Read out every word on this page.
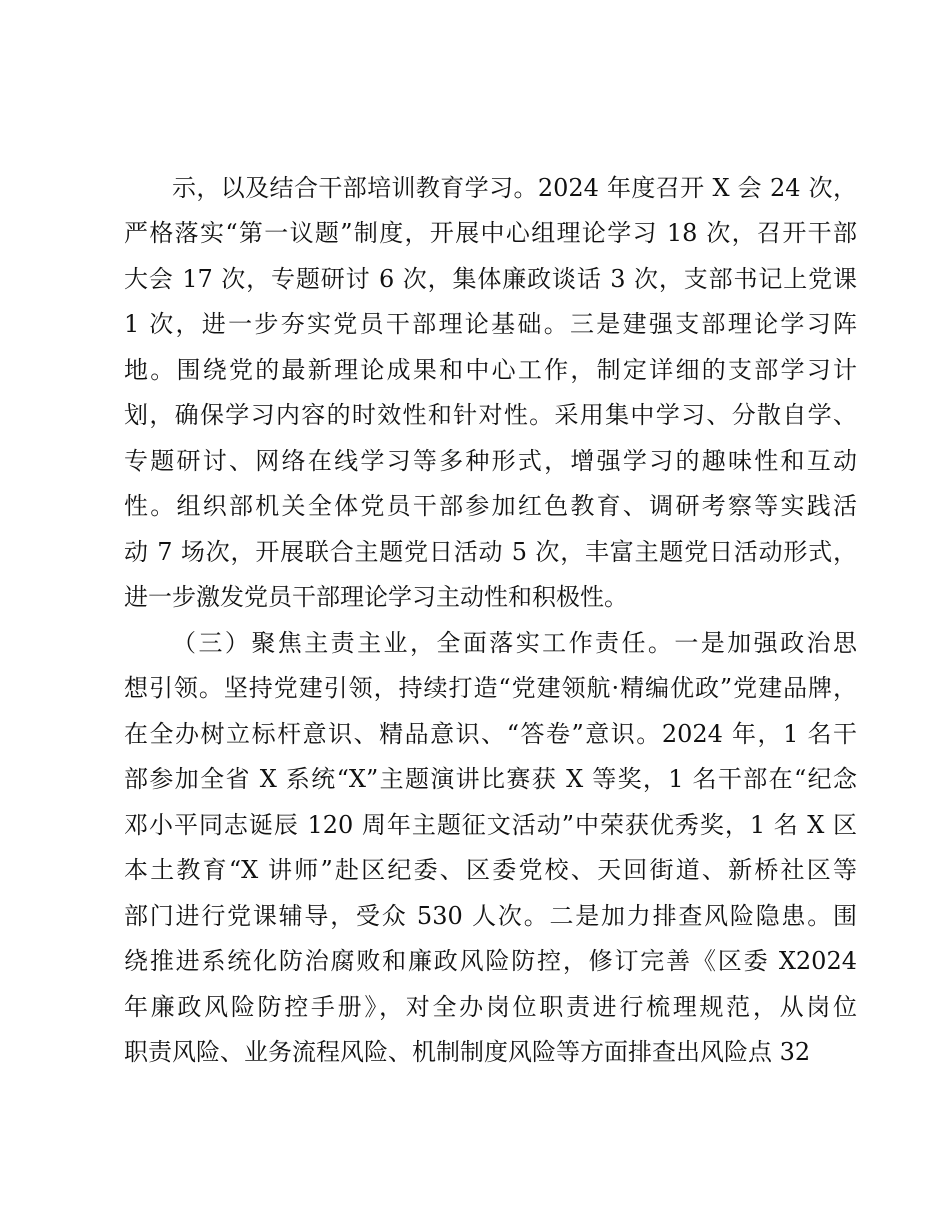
示，以及结合干部培训教育学习。2024 年度召开 X 会 24 次，

严格落实“第一议题”制度，开展中心组理论学习 18 次，召开干部

大会 17 次，专题研讨 6 次，集体廉政谈话 3 次，支部书记上党课

1 次，进一步夯实党员干部理论基础。三是建强支部理论学习阵

地。围绕党的最新理论成果和中心工作，制定详细的支部学习计

划，确保学习内容的时效性和针对性。采用集中学习、分散自学、

专题研讨、网络在线学习等多种形式，增强学习的趣味性和互动

性。组织部机关全体党员干部参加红色教育、调研考察等实践活

动 7 场次，开展联合主题党日活动 5 次，丰富主题党日活动形式，

进一步激发党员干部理论学习主动性和积极性。

（三）聚焦主责主业，全面落实工作责任。一是加强政治思

想引领。坚持党建引领，持续打造“党建领航·精编优政”党建品牌，

在全办树立标杆意识、精品意识、“答卷”意识。2024 年，1 名干

部参加全省 X 系统“X”主题演讲比赛获 X 等奖，1 名干部在“纪念

邓小平同志诞辰 120 周年主题征文活动”中荣获优秀奖，1 名 X 区

本土教育“X 讲师”赴区纪委、区委党校、天回街道、新桥社区等

部门进行党课辅导，受众 530 人次。二是加力排查风险隐患。围

绕推进系统化防治腐败和廉政风险防控，修订完善《区委 X2024

年廉政风险防控手册》，对全办岗位职责进行梳理规范，从岗位

职责风险、业务流程风险、机制制度风险等方面排查出风险点 32
